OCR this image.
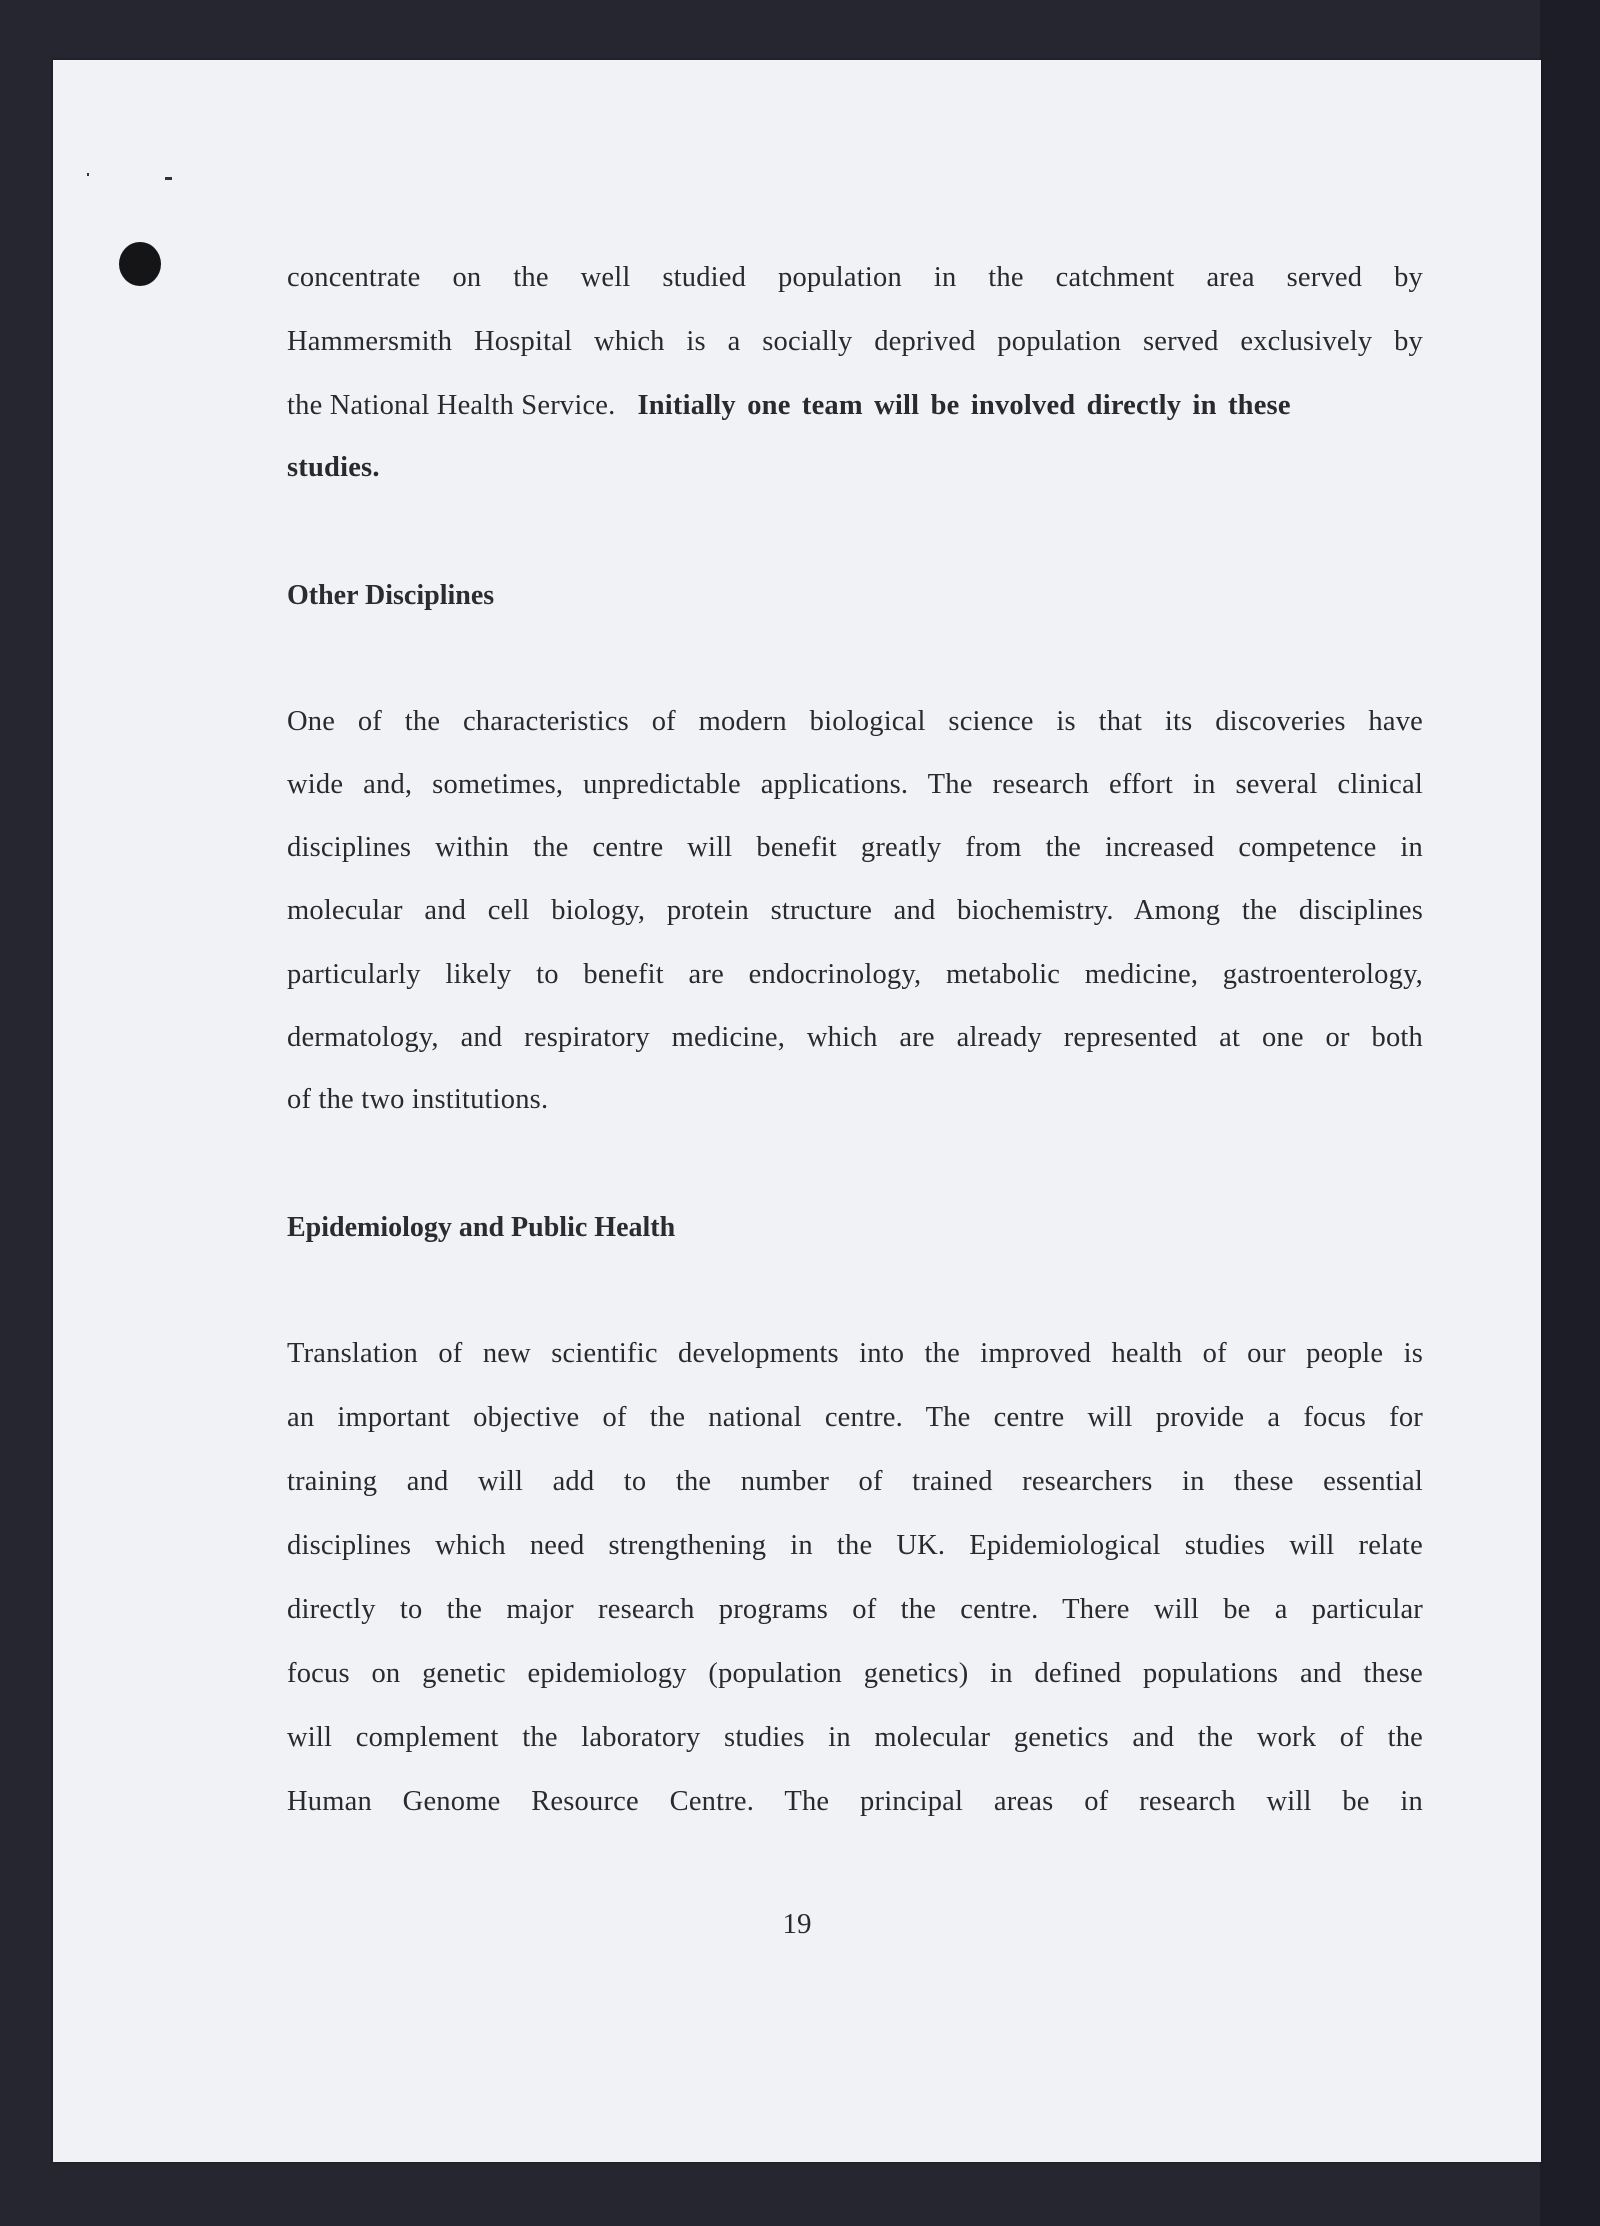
concentrate on the well studied population in the catchment area served by
Hammersmith Hospital which is a socially deprived population served exclusively by
the National Health Service. Initially one team will be involved directly in these
studies.
Other Disciplines
One of the characteristics of modern biological science is that its discoveries have
wide and, sometimes, unpredictable applications. The research effort in several clinical
disciplines within the centre will benefit greatly from the increased competence in
molecular and cell biology, protein structure and biochemistry. Among the disciplines
particularly likely to benefit are endocrinology, metabolic medicine, gastroenterology,
dermatology, and respiratory medicine, which are already represented at one or both
of the two institutions.
Epidemiology and Public Health
Translation of new scientific developments into the improved health of our people is
an important objective of the national centre. The centre will provide a focus for
training and will add to the number of trained researchers in these essential
disciplines which need strengthening in the UK. Epidemiological studies will relate
directly to the major research programs of the centre. There will be a particular
focus on genetic epidemiology (population genetics) in defined populations and these
will complement the laboratory studies in molecular genetics and the work of the
Human Genome Resource Centre. The principal areas of research will be in
19
